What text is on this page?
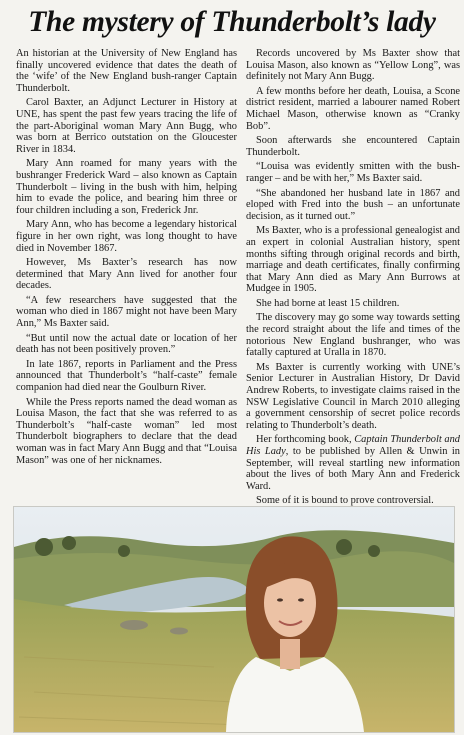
The mystery of Thunderbolt’s lady

An historian at the University of New England has finally uncovered evidence that dates the death of the ‘wife’ of the New England bush-ranger Captain Thunderbolt.

Carol Baxter, an Adjunct Lecturer in History at UNE, has spent the past few years tracing the life of the part-Aboriginal woman Mary Ann Bugg, who was born at Berrico outstation on the Gloucester River in 1834.

Mary Ann roamed for many years with the bushranger Frederick Ward – also known as Captain Thunderbolt – living in the bush with him, helping him to evade the police, and bearing him three or four children including a son, Frederick Jnr.

Mary Ann, who has become a legendary historical figure in her own right, was long thought to have died in November 1867.

However, Ms Baxter’s research has now determined that Mary Ann lived for another four decades.

“A few researchers have suggested that the woman who died in 1867 might not have been Mary Ann,” Ms Baxter said.

“But until now the actual date or location of her death has not been positively proven.”

In late 1867, reports in Parliament and the Press announced that Thunderbolt’s “half-caste” female companion had died near the Goulburn River.

While the Press reports named the dead woman as Louisa Mason, the fact that she was referred to as Thunderbolt’s “half-caste woman” led most Thunderbolt biographers to declare that the dead woman was in fact Mary Ann Bugg and that “Louisa Mason” was one of her nicknames.

Records uncovered by Ms Baxter show that Louisa Mason, also known as “Yellow Long”, was definitely not Mary Ann Bugg.

A few months before her death, Louisa, a Scone district resident, married a labourer named Robert Michael Mason, otherwise known as “Cranky Bob”.

Soon afterwards she encountered Captain Thunderbolt.

“Louisa was evidently smitten with the bush-ranger – and be with her,” Ms Baxter said.

“She abandoned her husband late in 1867 and eloped with Fred into the bush – an unfortunate decision, as it turned out.”

Ms Baxter, who is a professional genealogist and an expert in colonial Australian history, spent months sifting through original records and birth, marriage and death certificates, finally confirming that Mary Ann died as Mary Ann Burrows at Mudgee in 1905.

She had borne at least 15 children.

The discovery may go some way towards setting the record straight about the life and times of the notorious New England bushranger, who was fatally captured at Uralla in 1870.

Ms Baxter is currently working with UNE’s Senior Lecturer in Australian History, Dr David Andrew Roberts, to investigate claims raised in the NSW Legislative Council in March 2010 alleging a government censorship of secret police records relating to Thunderbolt’s death.

Her forthcoming book, Captain Thunderbolt and His Lady, to be published by Allen & Unwin in September, will reveal startling new information about the lives of both Mary Ann and Frederick Ward.

Some of it is bound to prove controversial.
